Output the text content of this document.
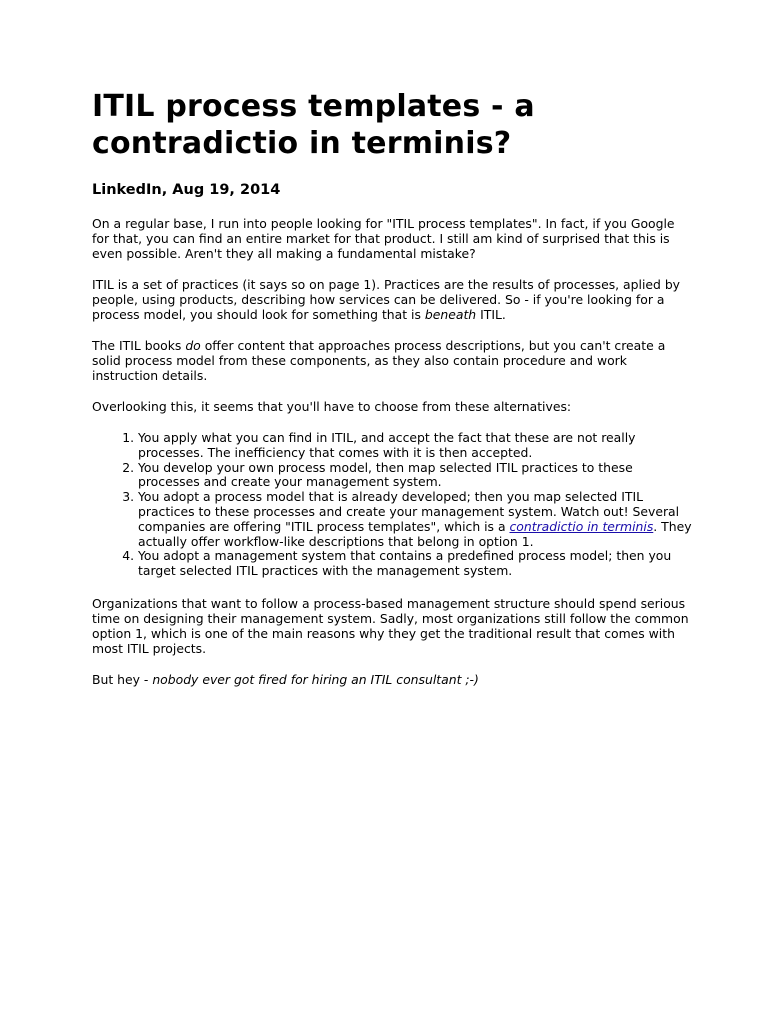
ITIL process templates - a contradictio in terminis?
LinkedIn, Aug 19, 2014

On a regular base, I run into people looking for "ITIL process templates". In fact, if you Google for that, you can find an entire market for that product. I still am kind of surprised that this is even possible. Aren't they all making a fundamental mistake?

ITIL is a set of practices (it says so on page 1). Practices are the results of processes, aplied by people, using products, describing how services can be delivered. So - if you're looking for a process model, you should look for something that is beneath ITIL.

The ITIL books do offer content that approaches process descriptions, but you can't create a solid process model from these components, as they also contain procedure and work instruction details.

Overlooking this, it seems that you'll have to choose from these alternatives:

1. You apply what you can find in ITIL, and accept the fact that these are not really processes. The inefficiency that comes with it is then accepted.
2. You develop your own process model, then map selected ITIL practices to these processes and create your management system.
3. You adopt a process model that is already developed; then you map selected ITIL practices to these processes and create your management system. Watch out! Several companies are offering "ITIL process templates", which is a contradictio in terminis. They actually offer workflow-like descriptions that belong in option 1.
4. You adopt a management system that contains a predefined process model; then you target selected ITIL practices with the management system.

Organizations that want to follow a process-based management structure should spend serious time on designing their management system. Sadly, most organizations still follow the common option 1, which is one of the main reasons why they get the traditional result that comes with most ITIL projects.

But hey - nobody ever got fired for hiring an ITIL consultant ;-)
